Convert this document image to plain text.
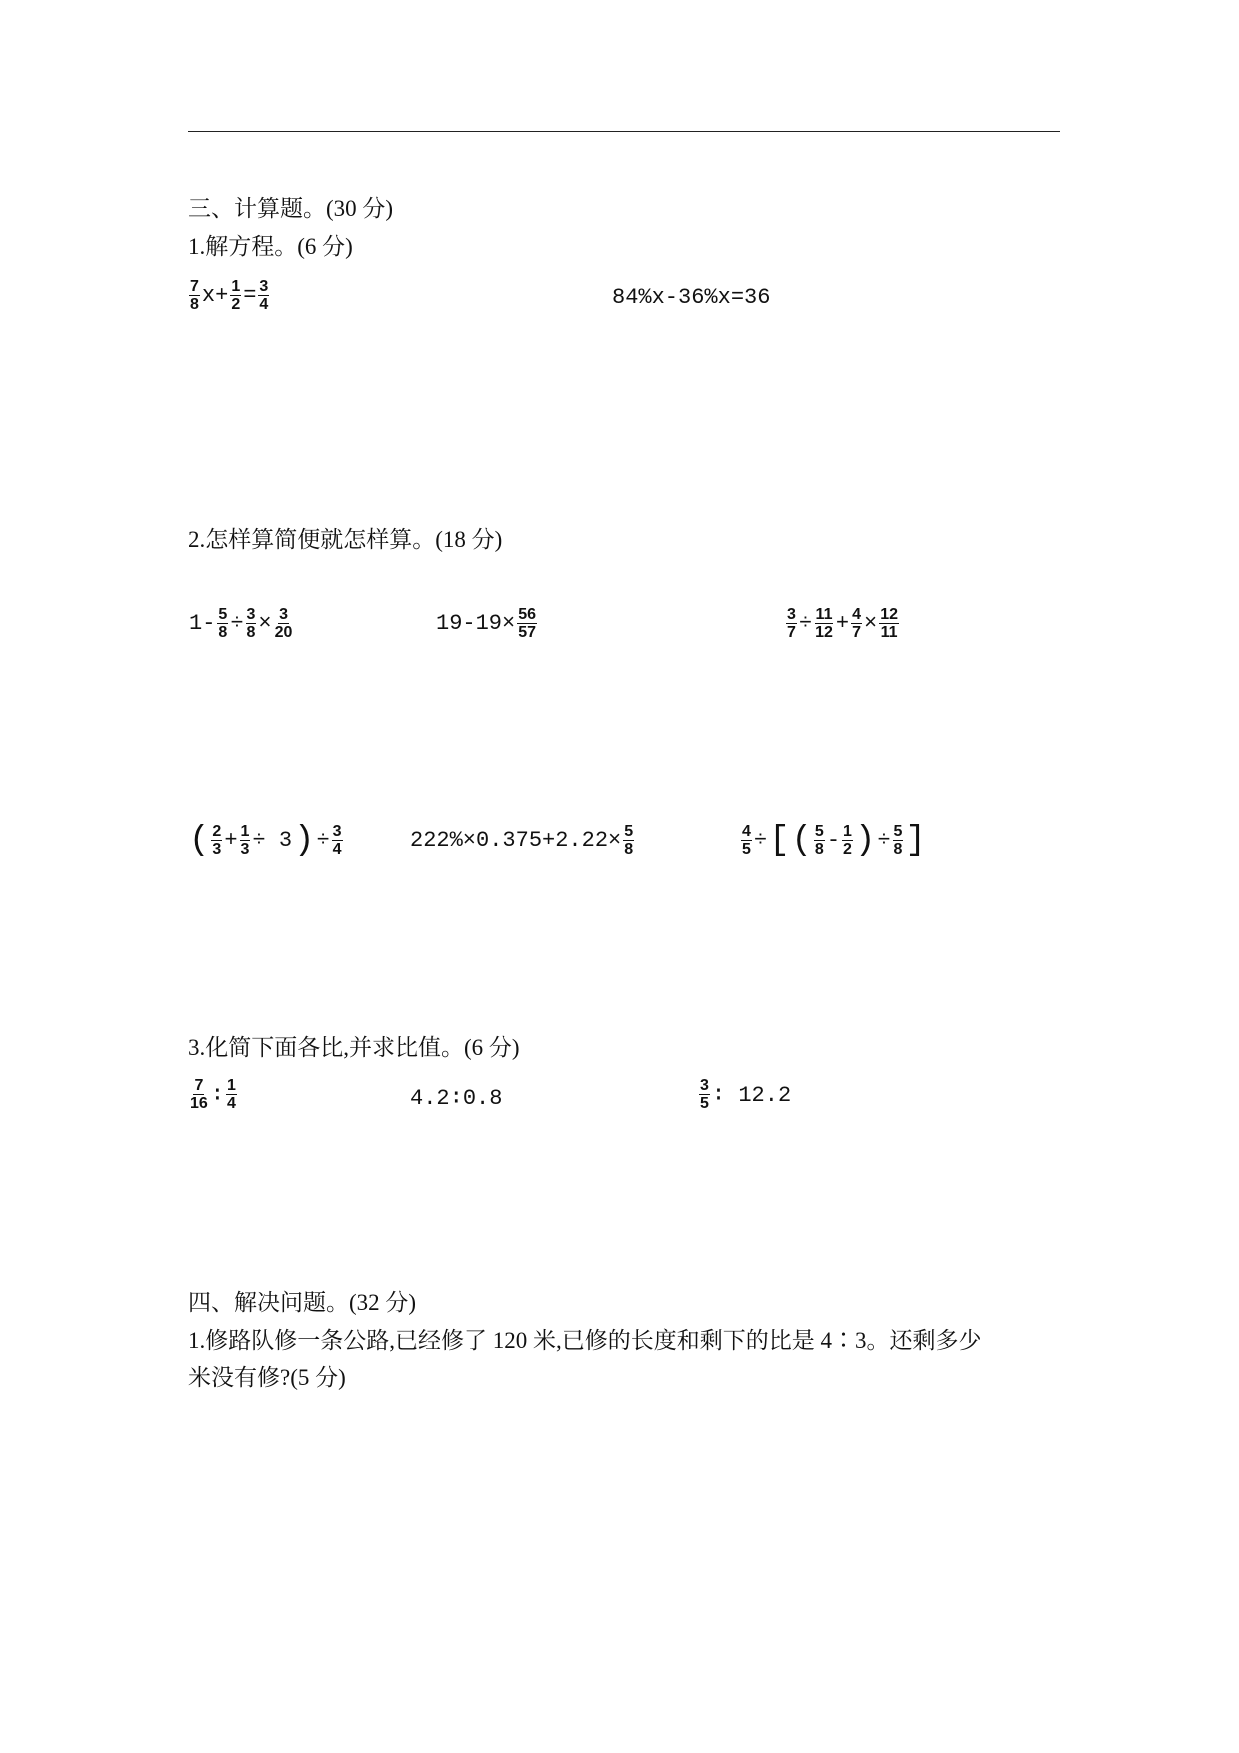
三、计算题。(30 分)
1.解方程。(6 分)
$\frac{7}{8} x+ \frac{1}{2} = \frac{3}{4}$	84%x-36%x=36
2.怎样算简便就怎样算。(18 分)
$1- \frac{5}{8} \div \frac{3}{8} \times \frac{3}{20}$	$19-19\times \frac{56}{57}$	$\frac{3}{7} \div \frac{11}{12} + \frac{4}{7} \times \frac{12}{11}$
( $\frac{2}{3} + \frac{1}{3} \div 3$ ) ÷ $\frac{3}{4}$	$222\%\times 0.375+2.22\times \frac{5}{8}$	$\frac{4}{5}$ ÷ [ ( $\frac{5}{8} - \frac{1}{2}$ ) ÷ $\frac{5}{8}$ ]
3.化简下面各比,并求比值。(6 分)
$\frac{7}{16}$ ∶ $\frac{1}{4}$	4.2∶0.8	$\frac{3}{5}$ ∶ 12.2
四、解决问题。(32 分)
1.修路队修一条公路,已经修了 120 米,已修的长度和剩下的比是 4∶3。还剩多少
米没有修?(5 分)
